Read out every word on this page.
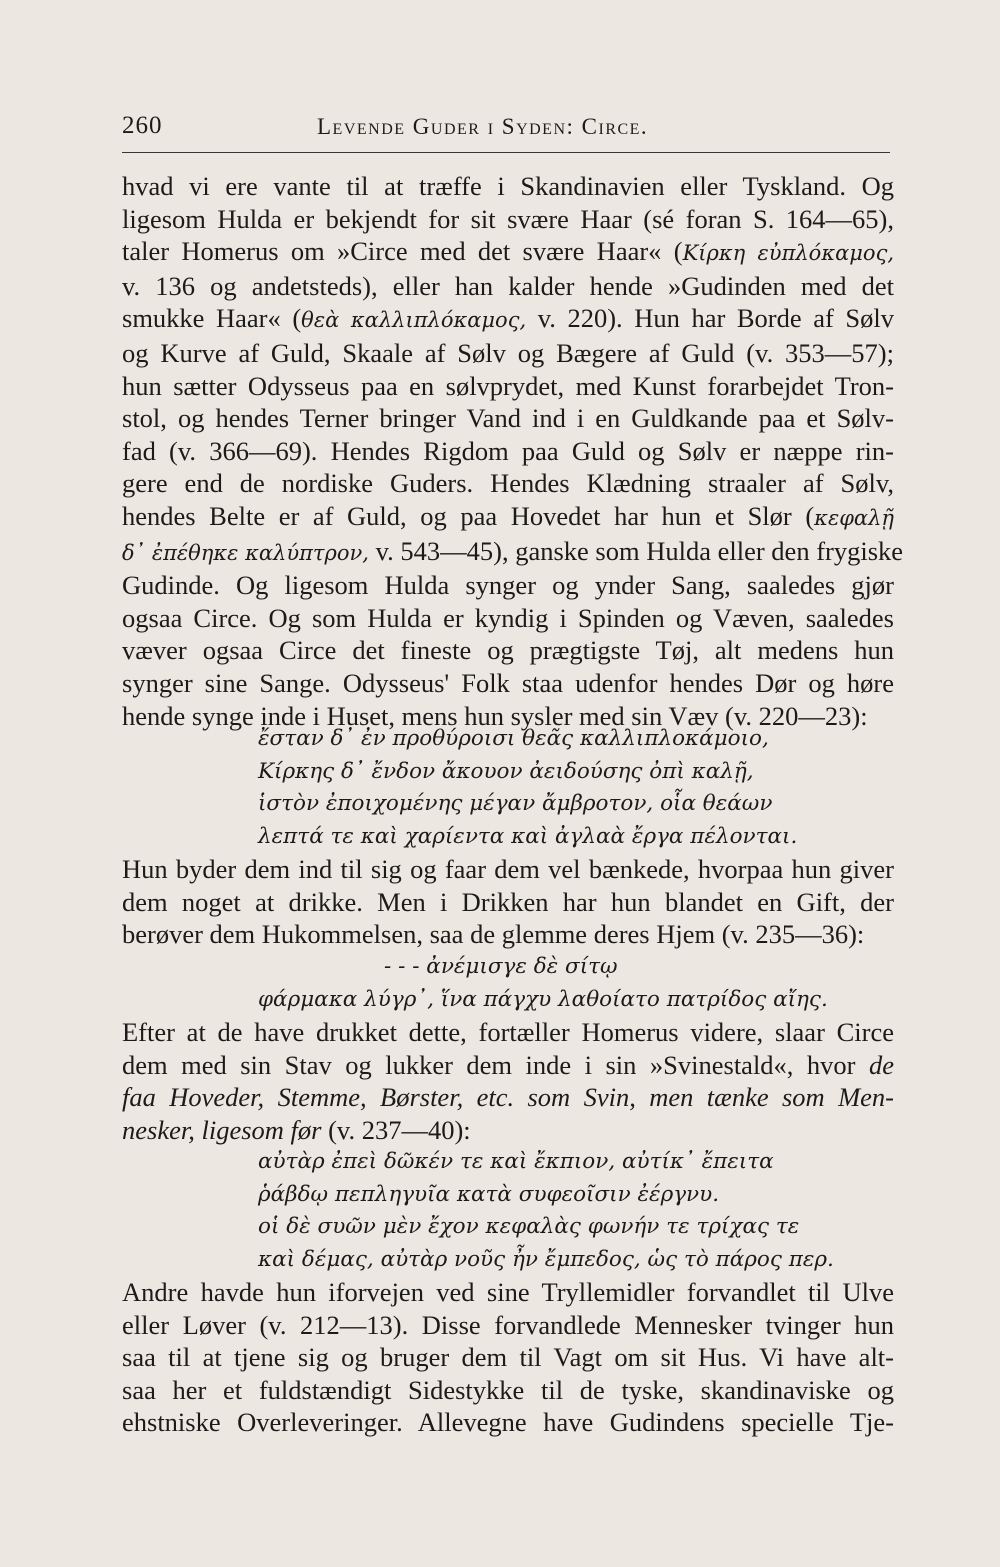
260	Levende Guder i Syden: Circe.
hvad vi ere vante til at træffe i Skandinavien eller Tyskland. Og
ligesom Hulda er bekjendt for sit svære Haar (sé foran S. 164—65),
taler Homerus om »Circe med det svære Haar« (Κίρκη εὐπλόκαμος,
v. 136 og andetsteds), eller han kalder hende »Gudinden med det
smukke Haar« (θεὰ καλλιπλόκαμος, v. 220). Hun har Borde af Sølv
og Kurve af Guld, Skaale af Sølv og Bægere af Guld (v. 353—57);
hun sætter Odysseus paa en sølvprydet, med Kunst forarbejdet Tron-
stol, og hendes Terner bringer Vand ind i en Guldkande paa et Sølv-
fad (v. 366—69). Hendes Rigdom paa Guld og Sølv er næppe rin-
gere end de nordiske Guders. Hendes Klædning straaler af Sølv,
hendes Belte er af Guld, og paa Hovedet har hun et Slør (κεφαλῇ
δ᾽ ἐπέθηκε καλύπτρον, v. 543—45), ganske som Hulda eller den frygiske
Gudinde. Og ligesom Hulda synger og ynder Sang, saaledes gjør
ogsaa Circe. Og som Hulda er kyndig i Spinden og Væven, saaledes
væver ogsaa Circe det fineste og prægtigste Tøj, alt medens hun
synger sine Sange. Odysseus' Folk staa udenfor hendes Dør og høre
hende synge inde i Huset, mens hun sysler med sin Væv (v. 220—23):
ἔσταν δ᾽ ἐν προθύροισι θεᾶς καλλιπλοκάμοιο,
Κίρκης δ᾽ ἔνδον ἄκουον ἀειδούσης ὀπὶ καλῇ,
ἱστὸν ἐποιχομένης μέγαν ἄμβροτον, οἷα θεάων
λεπτά τε καὶ χαρίεντα καὶ ἀγλαὰ ἔργα πέλονται.
Hun byder dem ind til sig og faar dem vel bænkede, hvorpaa hun giver
dem noget at drikke. Men i Drikken har hun blandet en Gift, der
berøver dem Hukommelsen, saa de glemme deres Hjem (v. 235—36):
- - - ἀνέμισγε δὲ σίτῳ
φάρμακα λύγρ᾽, ἵνα πάγχυ λαθοίατο πατρίδος αἴης.
Efter at de have drukket dette, fortæller Homerus videre, slaar Circe
dem med sin Stav og lukker dem inde i sin »Svinestald«, hvor de
faa Hoveder, Stemme, Børster, etc. som Svin, men tænke som Men-
nesker, ligesom før (v. 237—40):
αὐτὰρ ἐπεὶ δῶκέν τε καὶ ἔκπιον, αὐτίκ᾽ ἔπειτα
ῥάβδῳ πεπληγυῖα κατὰ συφεοῖσιν ἐέργνυ.
οἱ δὲ συῶν μὲν ἔχον κεφαλὰς φωνήν τε τρίχας τε
καὶ δέμας, αὐτὰρ νοῦς ἦν ἔμπεδος, ὡς τὸ πάρος περ.
Andre havde hun iforvejen ved sine Tryllemidler forvandlet til Ulve
eller Løver (v. 212—13). Disse forvandlede Mennesker tvinger hun
saa til at tjene sig og bruger dem til Vagt om sit Hus. Vi have alt-
saa her et fuldstændigt Sidestykke til de tyske, skandinaviske og
ehstniske Overleveringer. Allevegne have Gudindens specielle Tje-
